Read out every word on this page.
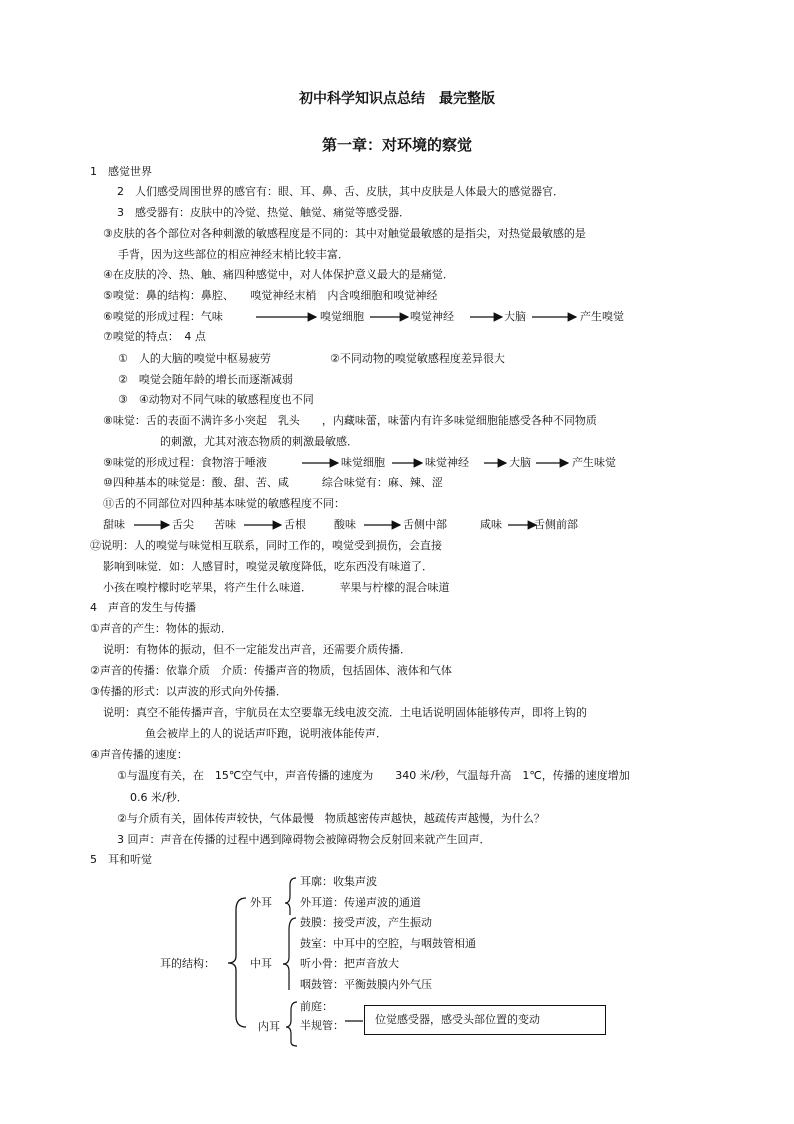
初中科学知识点总结　最完整版
第一章：对环境的察觉
1　感觉世界
2　人们感受周围世界的感官有：眼、耳、鼻、舌、皮肤，其中皮肤是人体最大的感觉器官．
3　感受器有：皮肤中的冷觉、热觉、触觉、痛觉等感受器．
③皮肤的各个部位对各种刺激的敏感程度是不同的：其中对触觉最敏感的是指尖，对热觉最敏感的是
手背，因为这些部位的相应神经末梢比较丰富．
④在皮肤的冷、热、触、痛四种感觉中，对人体保护意义最大的是痛觉．
⑤嗅觉：鼻的结构：鼻腔、　　嗅觉神经末梢　内含嗅细胞和嗅觉神经
⑥嗅觉的形成过程：气味	嗅觉细胞	嗅觉神经	大脑	产生嗅觉
⑦嗅觉的特点：　4 点
①　人的大脑的嗅觉中枢易疲劳	②不同动物的嗅觉敏感程度差异很大
②　嗅觉会随年龄的增长而逐渐减弱
③　④动物对不同气味的敏感程度也不同
⑧味觉：舌的表面不满许多小突起　乳头　　，内藏味蕾，味蕾内有许多味觉细胞能感受各种不同物质
的刺激，尤其对液态物质的刺激最敏感．
⑨味觉的形成过程：食物溶于唾液	味觉细胞	味觉神经	大脑	产生味觉
⑩四种基本的味觉是：酸、甜、苦、咸　　　综合味觉有：麻、辣、涩
⑪舌的不同部位对四种基本味觉的敏感程度不同：
甜味	舌尖 苦味	舌根	酸味	舌侧中部	咸味	舌侧前部
⑫说明：人的嗅觉与味觉相互联系，同时工作的，嗅觉受到损伤，会直接
影响到味觉．如：人感冒时，嗅觉灵敏度降低，吃东西没有味道了．
小孩在嗅柠檬时吃苹果，将产生什么味道．　　　苹果与柠檬的混合味道
4　声音的发生与传播
①声音的产生：物体的振动．
说明：有物体的振动，但不一定能发出声音，还需要介质传播．
②声音的传播：依靠介质　介质：传播声音的物质，包括固体、液体和气体
③传播的形式：以声波的形式向外传播．
说明：真空不能传播声音，宇航员在太空要靠无线电波交流．土电话说明固体能够传声，即将上钩的
鱼会被岸上的人的说话声吓跑，说明液体能传声．
④声音传播的速度：
①与温度有关，在　15℃空气中，声音传播的速度为　　340 米/秒，气温每升高　1℃，传播的速度增加
0.6 米/秒．
②与介质有关，固体传声较快，气体最慢　物质越密传声越快，越疏传声越慢，为什么？
3 回声：声音在传播的过程中遇到障碍物会被障碍物会反射回来就产生回声．
5　耳和听觉
耳的结构：
外耳
中耳
内耳
耳廓：收集声波
外耳道：传递声波的通道
鼓膜：接受声波，产生振动
鼓室：中耳中的空腔，与咽鼓管相通
听小骨：把声音放大
咽鼓管：平衡鼓膜内外气压
前庭：
半规管：	位觉感受器，感受头部位置的变动
